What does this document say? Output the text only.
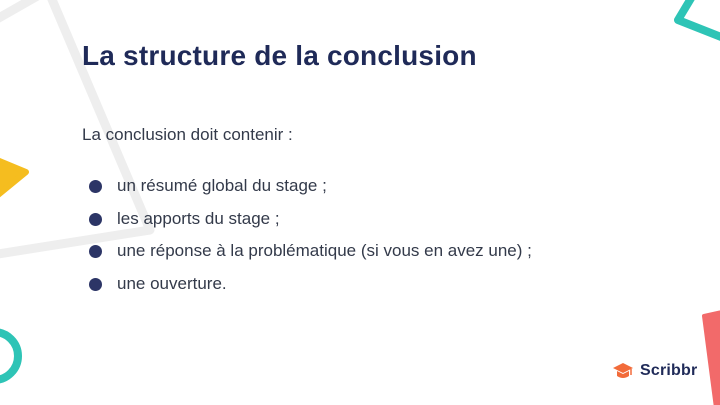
La structure de la conclusion

La conclusion doit contenir :

un résumé global du stage ;
les apports du stage ;
une réponse à la problématique (si vous en avez une) ;
une ouverture.
Scribbr
